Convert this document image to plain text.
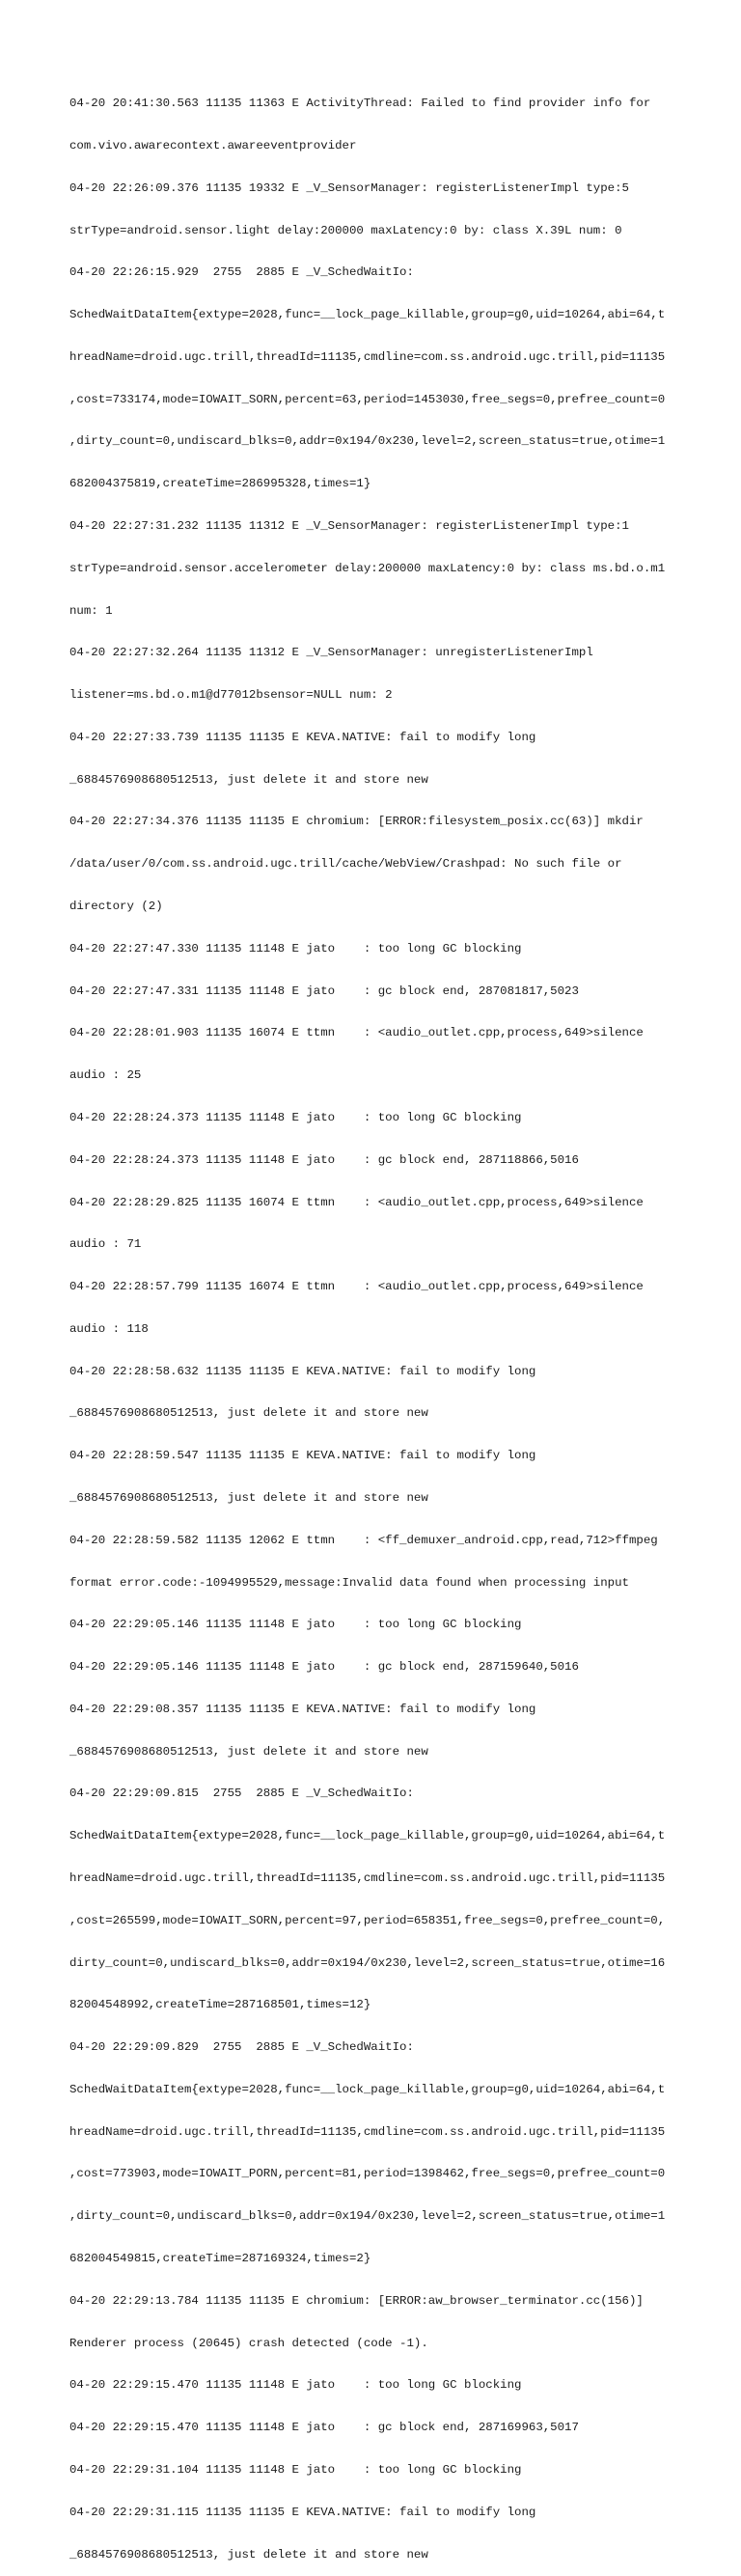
04-20 20:41:30.563 11135 11363 E ActivityThread: Failed to find provider info for

com.vivo.awarecontext.awareeventprovider

04-20 22:26:09.376 11135 19332 E _V_SensorManager: registerListenerImpl type:5

strType=android.sensor.light delay:200000 maxLatency:0 by: class X.39L num: 0

04-20 22:26:15.929  2755  2885 E _V_SchedWaitIo:

SchedWaitDataItem{extype=2028,func=__lock_page_killable,group=g0,uid=10264,abi=64,t

hreadName=droid.ugc.trill,threadId=11135,cmdline=com.ss.android.ugc.trill,pid=11135

,cost=733174,mode=IOWAIT_SORN,percent=63,period=1453030,free_segs=0,prefree_count=0

,dirty_count=0,undiscard_blks=0,addr=0x194/0x230,level=2,screen_status=true,otime=1

682004375819,createTime=286995328,times=1}

04-20 22:27:31.232 11135 11312 E _V_SensorManager: registerListenerImpl type:1

strType=android.sensor.accelerometer delay:200000 maxLatency:0 by: class ms.bd.o.m1

num: 1

04-20 22:27:32.264 11135 11312 E _V_SensorManager: unregisterListenerImpl

listener=ms.bd.o.m1@d77012bsensor=NULL num: 2

04-20 22:27:33.739 11135 11135 E KEVA.NATIVE: fail to modify long

_6884576908680512513, just delete it and store new

04-20 22:27:34.376 11135 11135 E chromium: [ERROR:filesystem_posix.cc(63)] mkdir

/data/user/0/com.ss.android.ugc.trill/cache/WebView/Crashpad: No such file or

directory (2)

04-20 22:27:47.330 11135 11148 E jato    : too long GC blocking

04-20 22:27:47.331 11135 11148 E jato    : gc block end, 287081817,5023

04-20 22:28:01.903 11135 16074 E ttmn    : <audio_outlet.cpp,process,649>silence

audio : 25

04-20 22:28:24.373 11135 11148 E jato    : too long GC blocking

04-20 22:28:24.373 11135 11148 E jato    : gc block end, 287118866,5016

04-20 22:28:29.825 11135 16074 E ttmn    : <audio_outlet.cpp,process,649>silence

audio : 71

04-20 22:28:57.799 11135 16074 E ttmn    : <audio_outlet.cpp,process,649>silence

audio : 118

04-20 22:28:58.632 11135 11135 E KEVA.NATIVE: fail to modify long

_6884576908680512513, just delete it and store new

04-20 22:28:59.547 11135 11135 E KEVA.NATIVE: fail to modify long

_6884576908680512513, just delete it and store new

04-20 22:28:59.582 11135 12062 E ttmn    : <ff_demuxer_android.cpp,read,712>ffmpeg

format error.code:-1094995529,message:Invalid data found when processing input

04-20 22:29:05.146 11135 11148 E jato    : too long GC blocking

04-20 22:29:05.146 11135 11148 E jato    : gc block end, 287159640,5016

04-20 22:29:08.357 11135 11135 E KEVA.NATIVE: fail to modify long

_6884576908680512513, just delete it and store new

04-20 22:29:09.815  2755  2885 E _V_SchedWaitIo:

SchedWaitDataItem{extype=2028,func=__lock_page_killable,group=g0,uid=10264,abi=64,t

hreadName=droid.ugc.trill,threadId=11135,cmdline=com.ss.android.ugc.trill,pid=11135

,cost=265599,mode=IOWAIT_SORN,percent=97,period=658351,free_segs=0,prefree_count=0,

dirty_count=0,undiscard_blks=0,addr=0x194/0x230,level=2,screen_status=true,otime=16

82004548992,createTime=287168501,times=12}

04-20 22:29:09.829  2755  2885 E _V_SchedWaitIo:

SchedWaitDataItem{extype=2028,func=__lock_page_killable,group=g0,uid=10264,abi=64,t

hreadName=droid.ugc.trill,threadId=11135,cmdline=com.ss.android.ugc.trill,pid=11135

,cost=773903,mode=IOWAIT_PORN,percent=81,period=1398462,free_segs=0,prefree_count=0

,dirty_count=0,undiscard_blks=0,addr=0x194/0x230,level=2,screen_status=true,otime=1

682004549815,createTime=287169324,times=2}

04-20 22:29:13.784 11135 11135 E chromium: [ERROR:aw_browser_terminator.cc(156)]

Renderer process (20645) crash detected (code -1).

04-20 22:29:15.470 11135 11148 E jato    : too long GC blocking

04-20 22:29:15.470 11135 11148 E jato    : gc block end, 287169963,5017

04-20 22:29:31.104 11135 11148 E jato    : too long GC blocking

04-20 22:29:31.115 11135 11135 E KEVA.NATIVE: fail to modify long

_6884576908680512513, just delete it and store new
